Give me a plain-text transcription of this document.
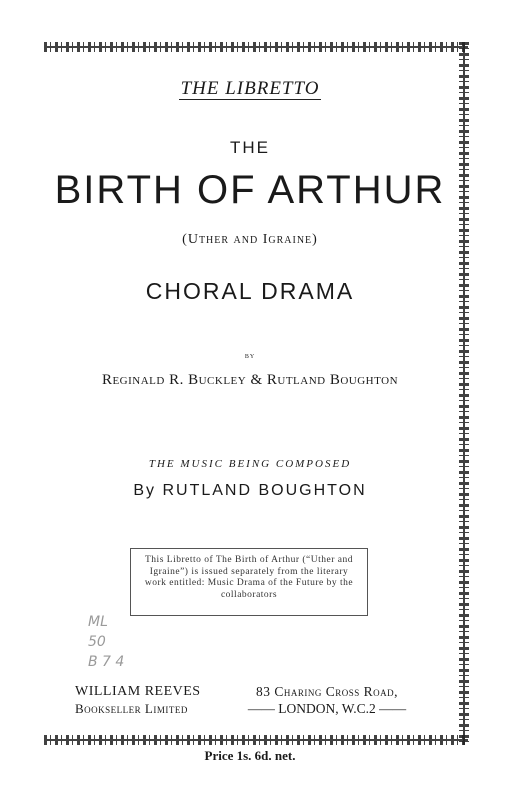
THE LIBRETTO
THE
BIRTH OF ARTHUR
(Uther and Igraine)
CHORAL DRAMA
BY
Reginald R. Buckley & Rutland Boughton
THE MUSIC BEING COMPOSED
By RUTLAND BOUGHTON
This Libretto of The Birth of Arthur (“Uther and Igraine”) is issued separately from the literary work entitled: Music Drama of the Future by the collaborators
ML
50
B 7 4
WILLIAM REEVES
Bookseller Limited
83 Charing Cross Road,
—— LONDON, W.C.2 ——
Price 1s. 6d. net.
